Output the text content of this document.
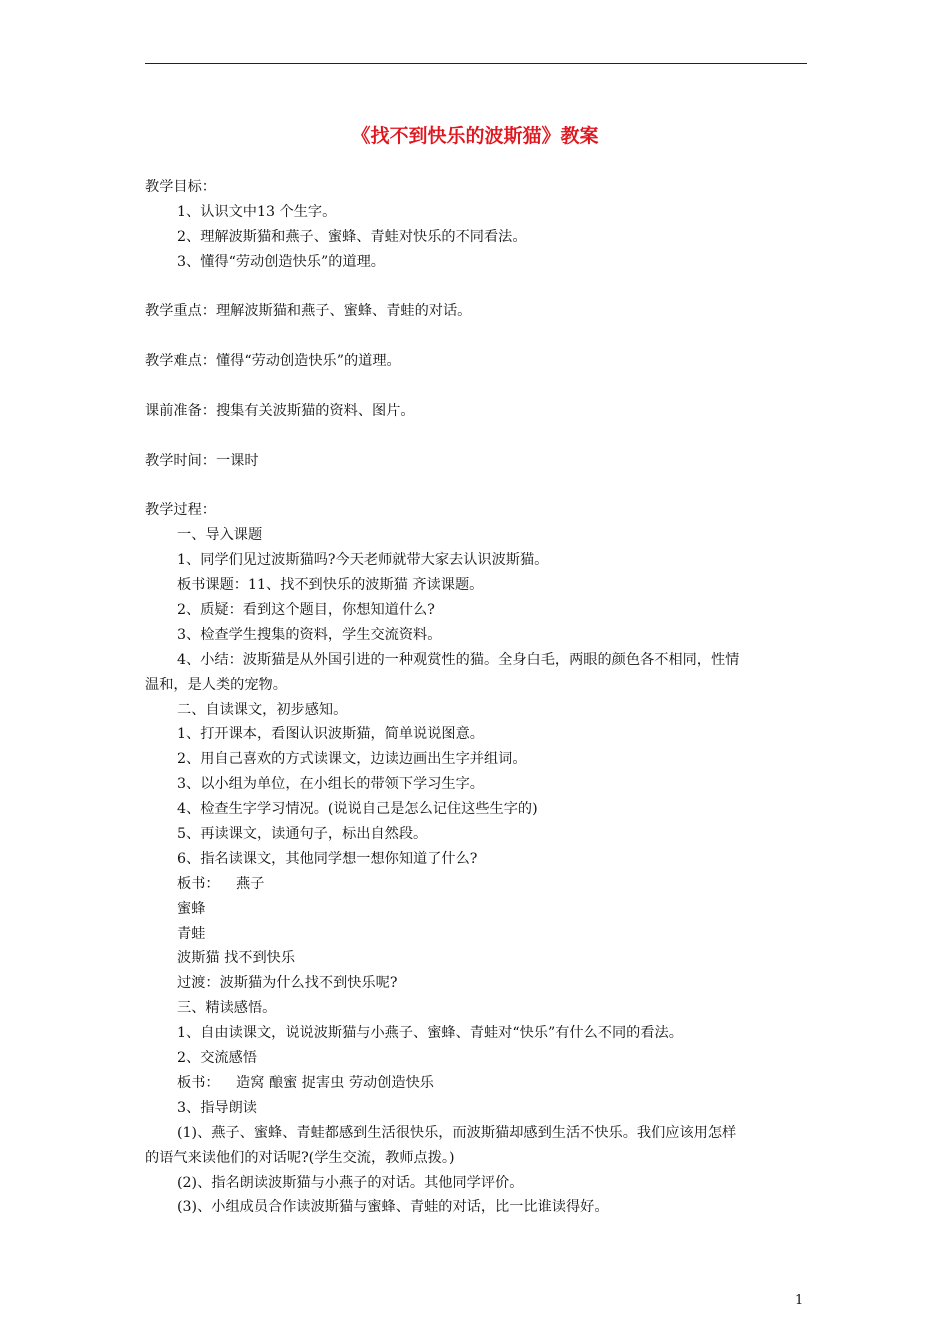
《找不到快乐的波斯猫》教案
教学目标：
1、认识文中13 个生字。
2、理解波斯猫和燕子、蜜蜂、青蛙对快乐的不同看法。
3、懂得“劳动创造快乐”的道理。
教学重点：理解波斯猫和燕子、蜜蜂、青蛙的对话。
教学难点：懂得“劳动创造快乐”的道理。
课前准备：搜集有关波斯猫的资料、图片。
教学时间：一课时
教学过程：
一、导入课题
1、同学们见过波斯猫吗?今天老师就带大家去认识波斯猫。
板书课题：11、找不到快乐的波斯猫 齐读课题。
2、质疑：看到这个题目，你想知道什么?
3、检查学生搜集的资料，学生交流资料。
4、小结：波斯猫是从外国引进的一种观赏性的猫。全身白毛，两眼的颜色各不相同，性情
温和，是人类的宠物。
二、自读课文，初步感知。
1、打开课本，看图认识波斯猫，简单说说图意。
2、用自己喜欢的方式读课文，边读边画出生字并组词。
3、以小组为单位，在小组长的带领下学习生字。
4、检查生字学习情况。(说说自己是怎么记住这些生字的)
5、再读课文，读通句子，标出自然段。
6、指名读课文，其他同学想一想你知道了什么?
板书： 燕子
蜜蜂
青蛙
波斯猫 找不到快乐
过渡：波斯猫为什么找不到快乐呢?
三、精读感悟。
1、自由读课文，说说波斯猫与小燕子、蜜蜂、青蛙对“快乐”有什么不同的看法。
2、交流感悟
板书： 造窝 酿蜜 捉害虫 劳动创造快乐
3、指导朗读
(1)、燕子、蜜蜂、青蛙都感到生活很快乐，而波斯猫却感到生活不快乐。我们应该用怎样
的语气来读他们的对话呢?(学生交流，教师点拨。)
(2)、指名朗读波斯猫与小燕子的对话。其他同学评价。
(3)、小组成员合作读波斯猫与蜜蜂、青蛙的对话，比一比谁读得好。
1
